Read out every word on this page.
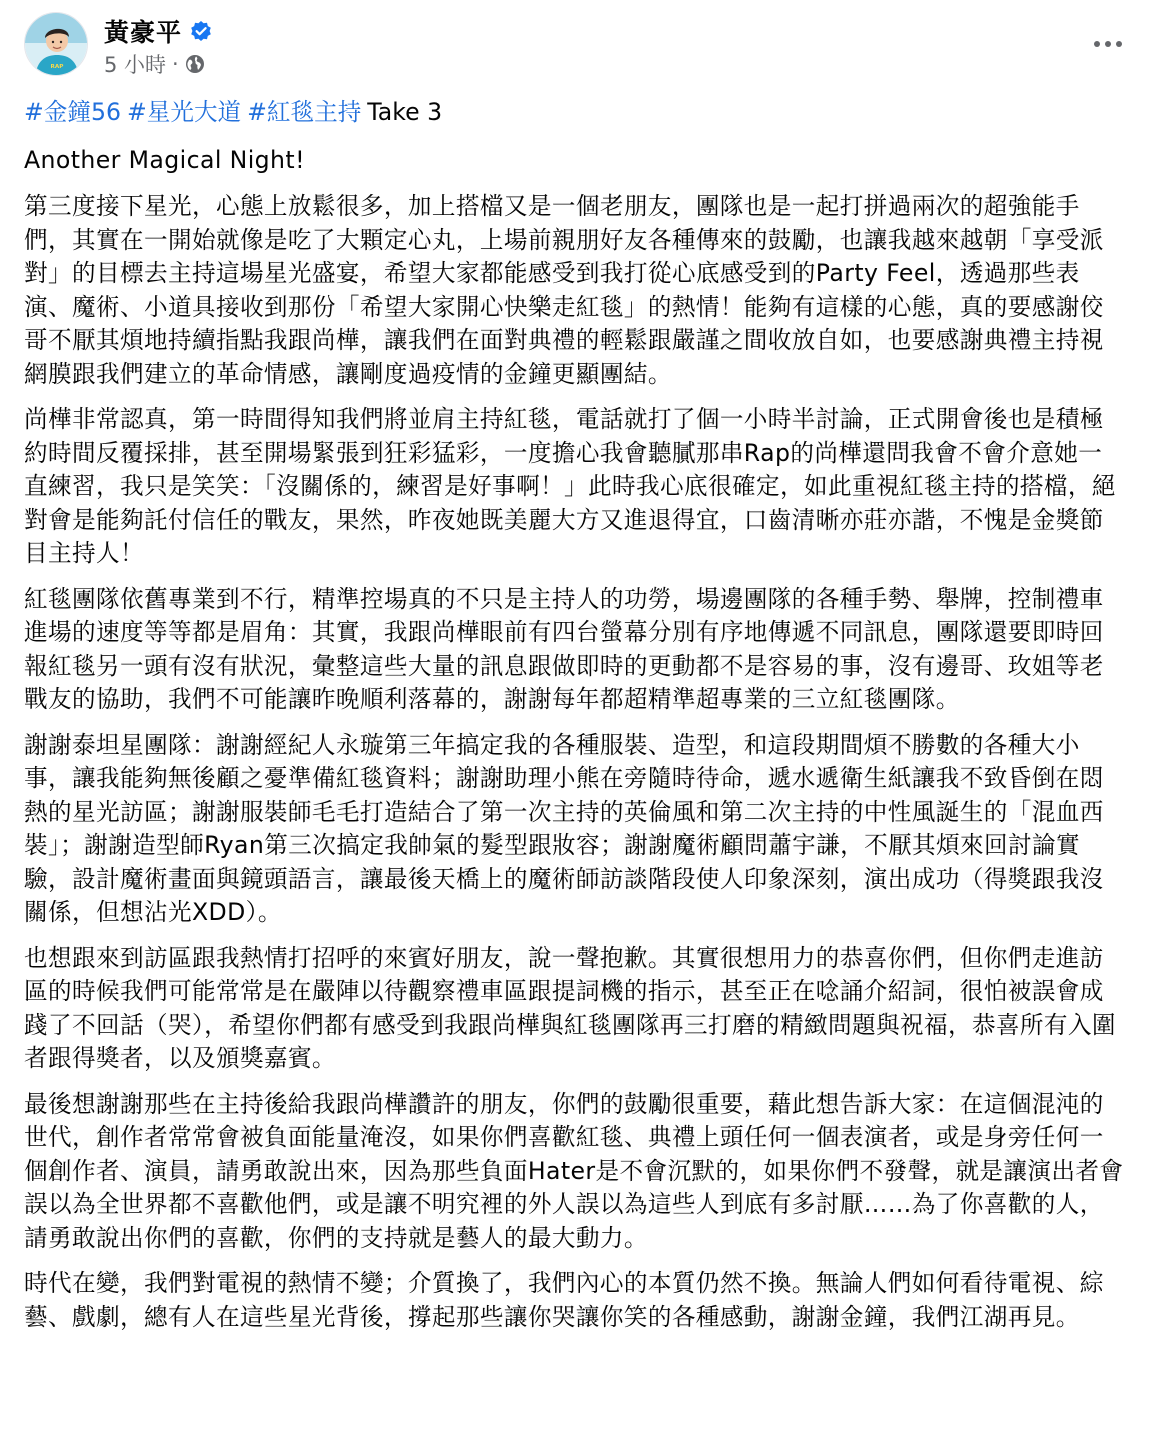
ᴿᴬᴾ
黃豪平
5 小時 ·
#金鐘56 #星光大道 #紅毯主持 Take 3

Another Magical Night!

第三度接下星光，心態上放鬆很多，加上搭檔又是一個老朋友，團隊也是一起打拼過兩次的超強能手們，其實在一開始就像是吃了大顆定心丸，上場前親朋好友各種傳來的鼓勵，也讓我越來越朝「享受派對」的目標去主持這場星光盛宴，希望大家都能感受到我打從心底感受到的Party Feel，透過那些表演、魔術、小道具接收到那份「希望大家開心快樂走紅毯」的熱情！能夠有這樣的心態，真的要感謝佼哥不厭其煩地持續指點我跟尚樺，讓我們在面對典禮的輕鬆跟嚴謹之間收放自如，也要感謝典禮主持視網膜跟我們建立的革命情感，讓剛度過疫情的金鐘更顯團結。

尚樺非常認真，第一時間得知我們將並肩主持紅毯，電話就打了個一小時半討論，正式開會後也是積極約時間反覆採排，甚至開場緊張到狂彩猛彩，一度擔心我會聽膩那串Rap的尚樺還問我會不會介意她一直練習，我只是笑笑：「沒關係的，練習是好事啊！」此時我心底很確定，如此重視紅毯主持的搭檔，絕對會是能夠託付信任的戰友，果然，昨夜她既美麗大方又進退得宜，口齒清晰亦莊亦諧，不愧是金獎節目主持人！

紅毯團隊依舊專業到不行，精準控場真的不只是主持人的功勞，場邊團隊的各種手勢、舉牌，控制禮車進場的速度等等都是眉角：其實，我跟尚樺眼前有四台螢幕分別有序地傳遞不同訊息，團隊還要即時回報紅毯另一頭有沒有狀況，彙整這些大量的訊息跟做即時的更動都不是容易的事，沒有邊哥、玫姐等老戰友的協助，我們不可能讓昨晚順利落幕的，謝謝每年都超精準超專業的三立紅毯團隊。

謝謝泰坦星團隊：謝謝經紀人永璇第三年搞定我的各種服裝、造型，和這段期間煩不勝數的各種大小事，讓我能夠無後顧之憂準備紅毯資料；謝謝助理小熊在旁隨時待命，遞水遞衛生紙讓我不致昏倒在悶熱的星光訪區；謝謝服裝師毛毛打造結合了第一次主持的英倫風和第二次主持的中性風誕生的「混血西裝」；謝謝造型師Ryan第三次搞定我帥氣的髮型跟妝容；謝謝魔術顧問蕭宇謙，不厭其煩來回討論實驗，設計魔術畫面與鏡頭語言，讓最後天橋上的魔術師訪談階段使人印象深刻，演出成功（得獎跟我沒關係，但想沾光XDD）。

也想跟來到訪區跟我熱情打招呼的來賓好朋友，說一聲抱歉。其實很想用力的恭喜你們，但你們走進訪區的時候我們可能常常是在嚴陣以待觀察禮車區跟提詞機的指示，甚至正在唸誦介紹詞，很怕被誤會成踐了不回話（哭），希望你們都有感受到我跟尚樺與紅毯團隊再三打磨的精緻問題與祝福，恭喜所有入圍者跟得獎者，以及頒獎嘉賓。

最後想謝謝那些在主持後給我跟尚樺讚許的朋友，你們的鼓勵很重要，藉此想告訴大家：在這個混沌的世代，創作者常常會被負面能量淹沒，如果你們喜歡紅毯、典禮上頭任何一個表演者，或是身旁任何一個創作者、演員，請勇敢說出來，因為那些負面Hater是不會沉默的，如果你們不發聲，就是讓演出者會誤以為全世界都不喜歡他們，或是讓不明究裡的外人誤以為這些人到底有多討厭……為了你喜歡的人，請勇敢說出你們的喜歡，你們的支持就是藝人的最大動力。

時代在變，我們對電視的熱情不變；介質換了，我們內心的本質仍然不換。無論人們如何看待電視、綜藝、戲劇，總有人在這些星光背後，撐起那些讓你哭讓你笑的各種感動，謝謝金鐘，我們江湖再見。
